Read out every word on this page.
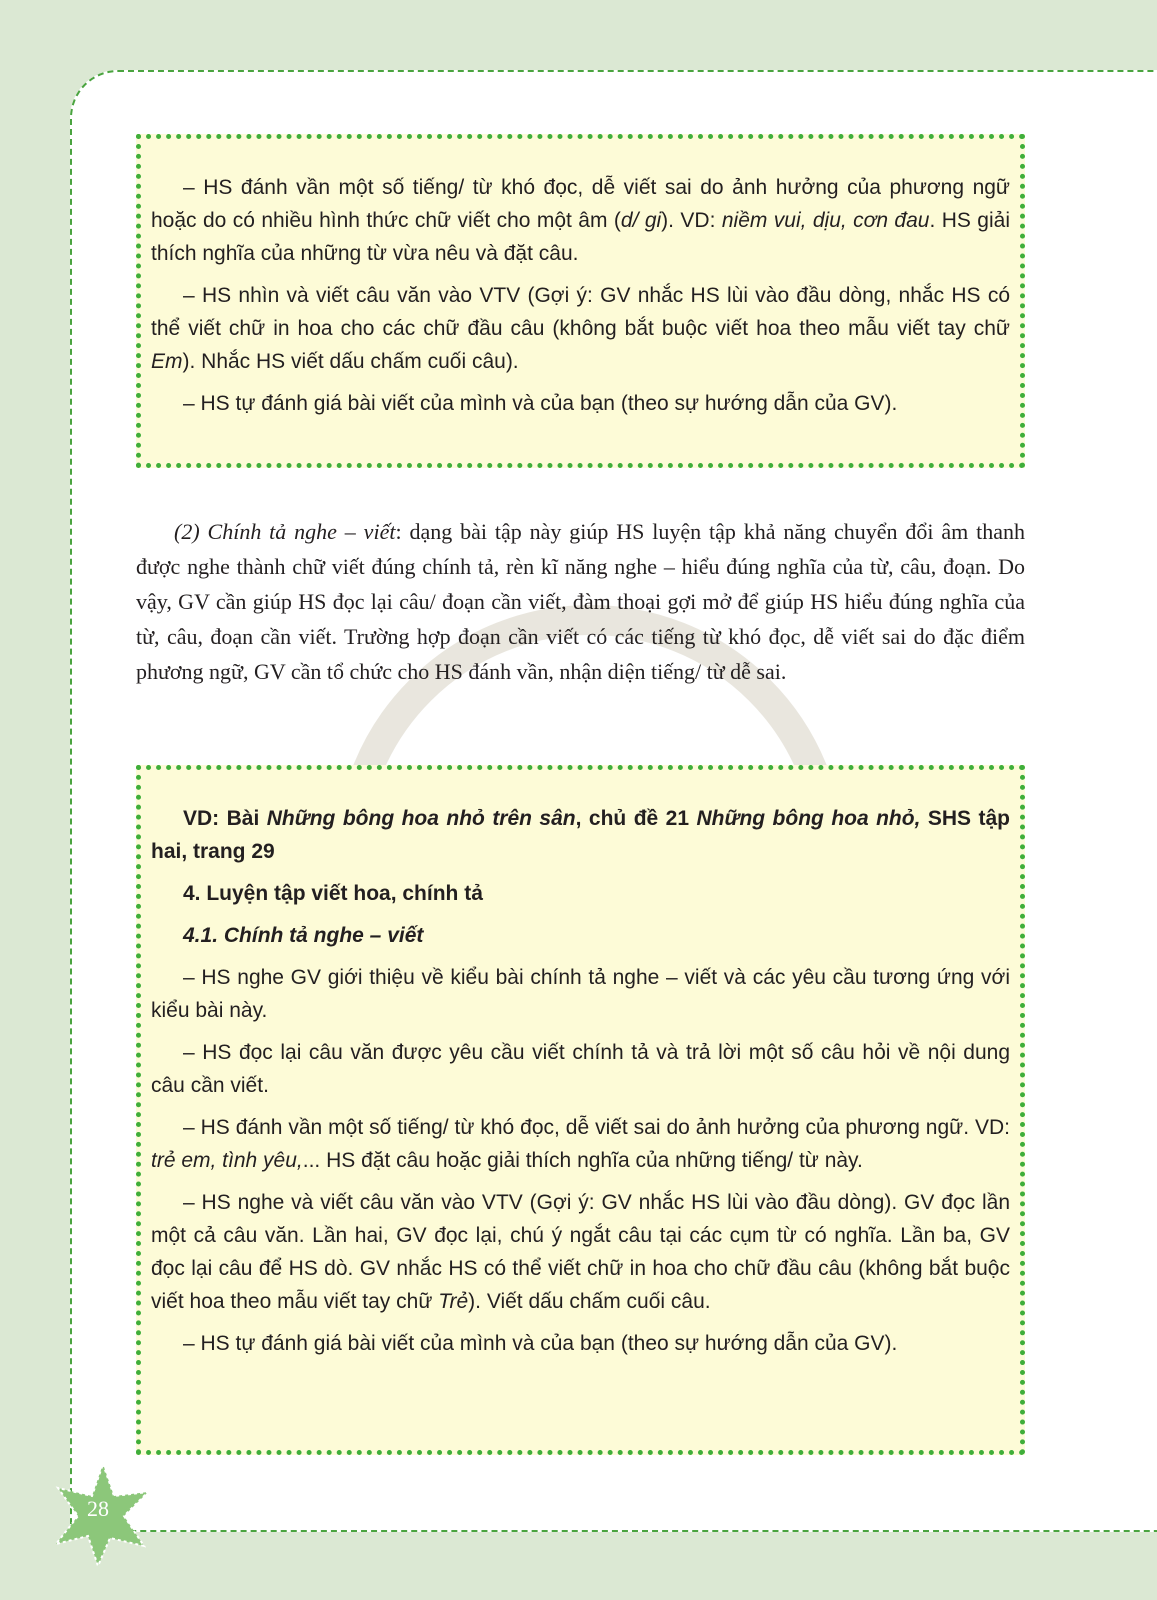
– HS đánh vần một số tiếng/ từ khó đọc, dễ viết sai do ảnh hưởng của phương ngữ hoặc do có nhiều hình thức chữ viết cho một âm (d/ gi). VD: niềm vui, dịu, cơn đau. HS giải thích nghĩa của những từ vừa nêu và đặt câu.

– HS nhìn và viết câu văn vào VTV (Gợi ý: GV nhắc HS lùi vào đầu dòng, nhắc HS có thể viết chữ in hoa cho các chữ đầu câu (không bắt buộc viết hoa theo mẫu viết tay chữ Em). Nhắc HS viết dấu chấm cuối câu).

– HS tự đánh giá bài viết của mình và của bạn (theo sự hướng dẫn của GV).

(2) Chính tả nghe – viết: dạng bài tập này giúp HS luyện tập khả năng chuyển đổi âm thanh được nghe thành chữ viết đúng chính tả, rèn kĩ năng nghe – hiểu đúng nghĩa của từ, câu, đoạn. Do vậy, GV cần giúp HS đọc lại câu/ đoạn cần viết, đàm thoại gợi mở để giúp HS hiểu đúng nghĩa của từ, câu, đoạn cần viết. Trường hợp đoạn cần viết có các tiếng từ khó đọc, dễ viết sai do đặc điểm phương ngữ, GV cần tổ chức cho HS đánh vần, nhận diện tiếng/ từ dễ sai.

VD: Bài Những bông hoa nhỏ trên sân, chủ đề 21 Những bông hoa nhỏ, SHS tập hai, trang 29

4. Luyện tập viết hoa, chính tả

4.1. Chính tả nghe – viết

– HS nghe GV giới thiệu về kiểu bài chính tả nghe – viết và các yêu cầu tương ứng với kiểu bài này.

– HS đọc lại câu văn được yêu cầu viết chính tả và trả lời một số câu hỏi về nội dung câu cần viết.

– HS đánh vần một số tiếng/ từ khó đọc, dễ viết sai do ảnh hưởng của phương ngữ. VD: trẻ em, tình yêu,... HS đặt câu hoặc giải thích nghĩa của những tiếng/ từ này.

– HS nghe và viết câu văn vào VTV (Gợi ý: GV nhắc HS lùi vào đầu dòng). GV đọc lần một cả câu văn. Lần hai, GV đọc lại, chú ý ngắt câu tại các cụm từ có nghĩa. Lần ba, GV đọc lại câu để HS dò. GV nhắc HS có thể viết chữ in hoa cho chữ đầu câu (không bắt buộc viết hoa theo mẫu viết tay chữ Trẻ). Viết dấu chấm cuối câu.

– HS tự đánh giá bài viết của mình và của bạn (theo sự hướng dẫn của GV).

28
